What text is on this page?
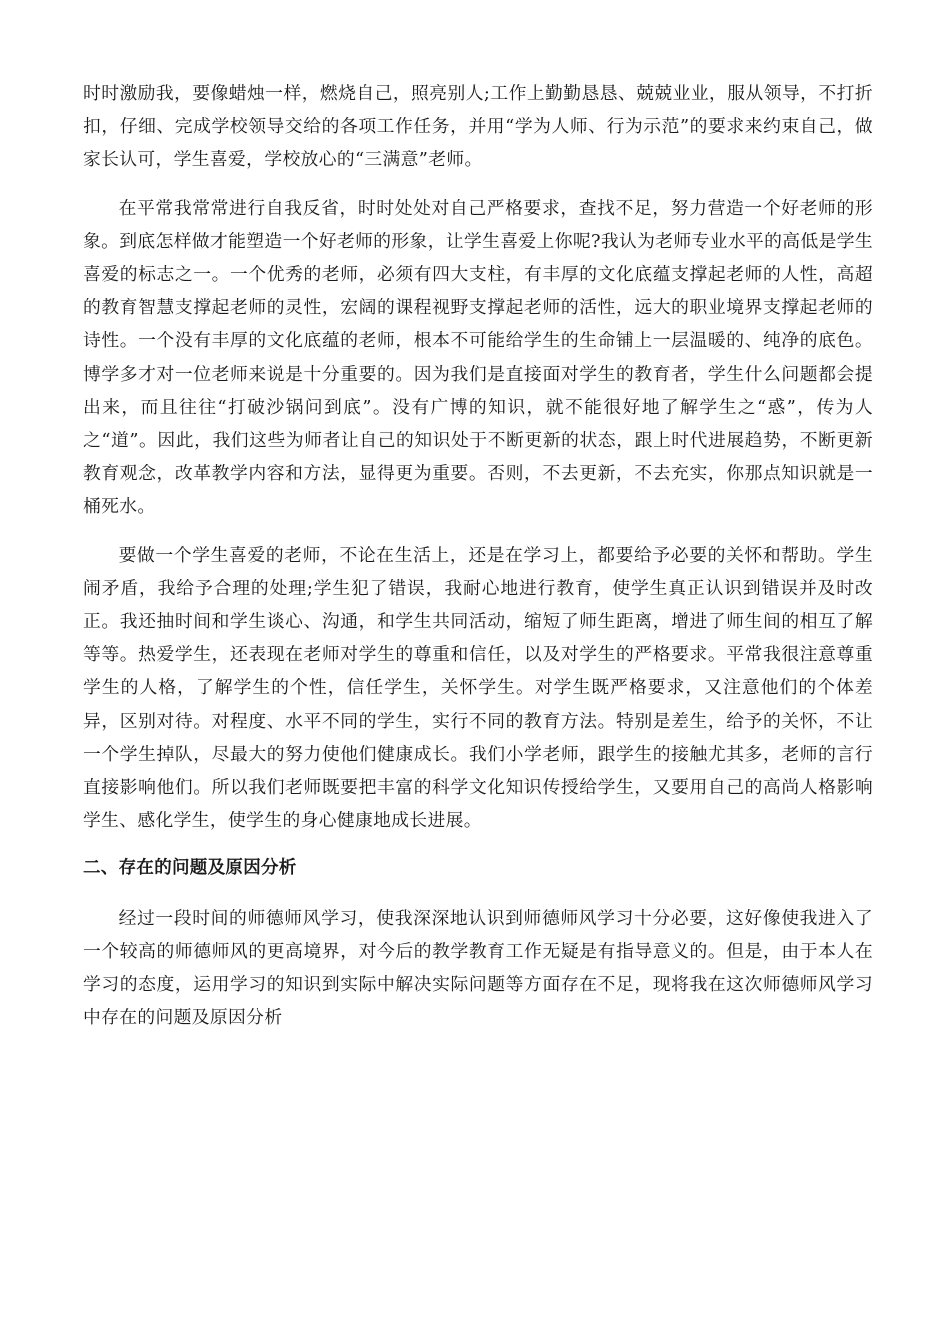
时时激励我，要像蜡烛一样，燃烧自己，照亮别人;工作上勤勤恳恳、兢兢业业，服从领导，不打折扣，仔细、完成学校领导交给的各项工作任务，并用“学为人师、行为示范”的要求来约束自己，做家长认可，学生喜爱，学校放心的“三满意”老师。

在平常我常常进行自我反省，时时处处对自己严格要求，查找不足，努力营造一个好老师的形象。到底怎样做才能塑造一个好老师的形象，让学生喜爱上你呢?我认为老师专业水平的高低是学生喜爱的标志之一。一个优秀的老师，必须有四大支柱，有丰厚的文化底蕴支撑起老师的人性，高超的教育智慧支撑起老师的灵性，宏阔的课程视野支撑起老师的活性，远大的职业境界支撑起老师的诗性。一个没有丰厚的文化底蕴的老师，根本不可能给学生的生命铺上一层温暖的、纯净的底色。博学多才对一位老师来说是十分重要的。因为我们是直接面对学生的教育者，学生什么问题都会提出来，而且往往“打破沙锅问到底”。没有广博的知识，就不能很好地了解学生之“惑”，传为人之“道”。因此，我们这些为师者让自己的知识处于不断更新的状态，跟上时代进展趋势，不断更新教育观念，改革教学内容和方法，显得更为重要。否则，不去更新，不去充实，你那点知识就是一桶死水。

要做一个学生喜爱的老师，不论在生活上，还是在学习上，都要给予必要的关怀和帮助。学生闹矛盾，我给予合理的处理;学生犯了错误，我耐心地进行教育，使学生真正认识到错误并及时改正。我还抽时间和学生谈心、沟通，和学生共同活动，缩短了师生距离，增进了师生间的相互了解等等。热爱学生，还表现在老师对学生的尊重和信任，以及对学生的严格要求。平常我很注意尊重学生的人格，了解学生的个性，信任学生，关怀学生。对学生既严格要求，又注意他们的个体差异，区别对待。对程度、水平不同的学生，实行不同的教育方法。特别是差生，给予的关怀，不让一个学生掉队，尽最大的努力使他们健康成长。我们小学老师，跟学生的接触尤其多，老师的言行直接影响他们。所以我们老师既要把丰富的科学文化知识传授给学生，又要用自己的高尚人格影响学生、感化学生，使学生的身心健康地成长进展。

二、存在的问题及原因分析

经过一段时间的师德师风学习，使我深深地认识到师德师风学习十分必要，这好像使我进入了一个较高的师德师风的更高境界，对今后的教学教育工作无疑是有指导意义的。但是，由于本人在学习的态度，运用学习的知识到实际中解决实际问题等方面存在不足，现将我在这次师德师风学习中存在的问题及原因分析
